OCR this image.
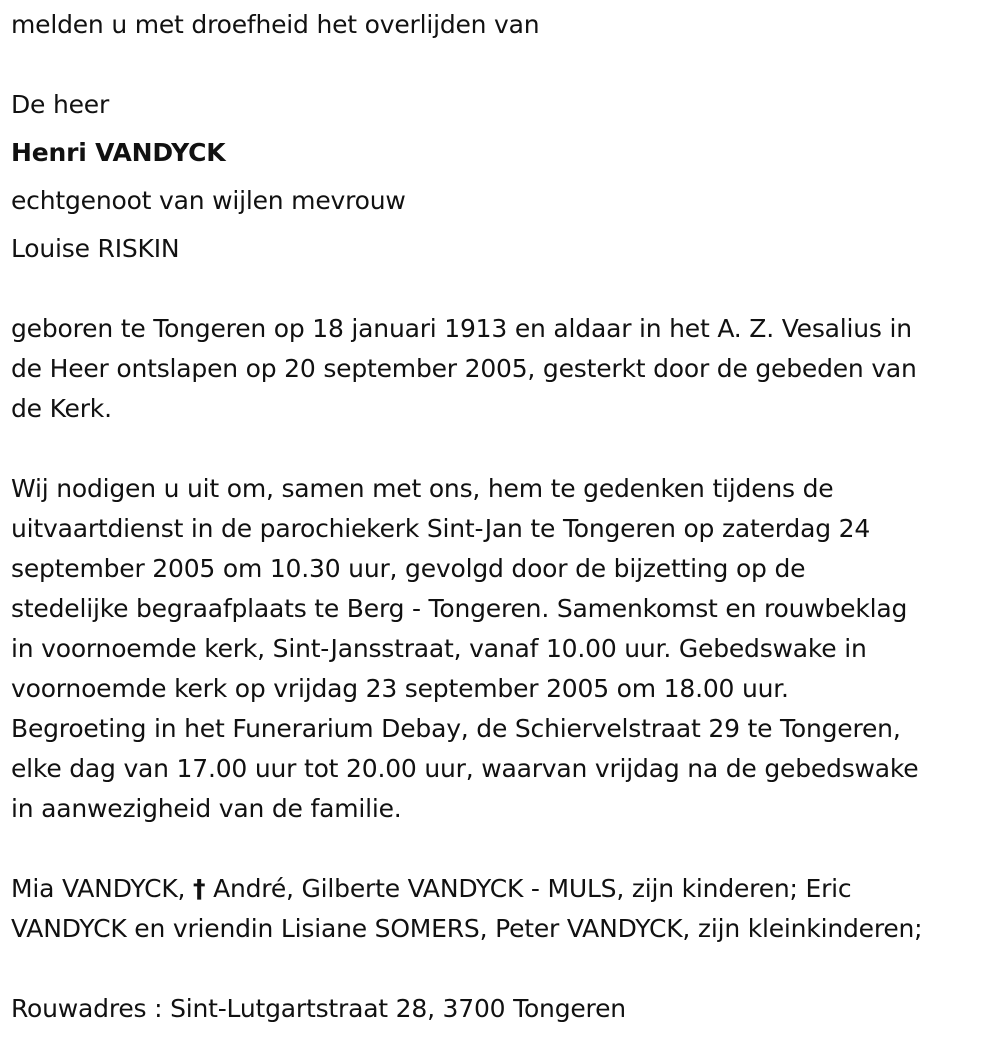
melden u met droefheid het overlijden van
De heer
Henri VANDYCK
echtgenoot van wijlen mevrouw
Louise RISKIN
geboren te Tongeren op 18 januari 1913 en aldaar in het A. Z. Vesalius in
de Heer ontslapen op 20 september 2005, gesterkt door de gebeden van
de Kerk.
Wij nodigen u uit om, samen met ons, hem te gedenken tijdens de
uitvaartdienst in de parochiekerk Sint-Jan te Tongeren op zaterdag 24
september 2005 om 10.30 uur, gevolgd door de bijzetting op de
stedelijke begraafplaats te Berg - Tongeren. Samenkomst en rouwbeklag
in voornoemde kerk, Sint-Jansstraat, vanaf 10.00 uur. Gebedswake in
voornoemde kerk op vrijdag 23 september 2005 om 18.00 uur.
Begroeting in het Funerarium Debay, de Schiervelstraat 29 te Tongeren,
elke dag van 17.00 uur tot 20.00 uur, waarvan vrijdag na de gebedswake
in aanwezigheid van de familie.
Mia VANDYCK, † André, Gilberte VANDYCK - MULS, zijn kinderen; Eric
VANDYCK en vriendin Lisiane SOMERS, Peter VANDYCK, zijn kleinkinderen;
Rouwadres : Sint-Lutgartstraat 28, 3700 Tongeren
